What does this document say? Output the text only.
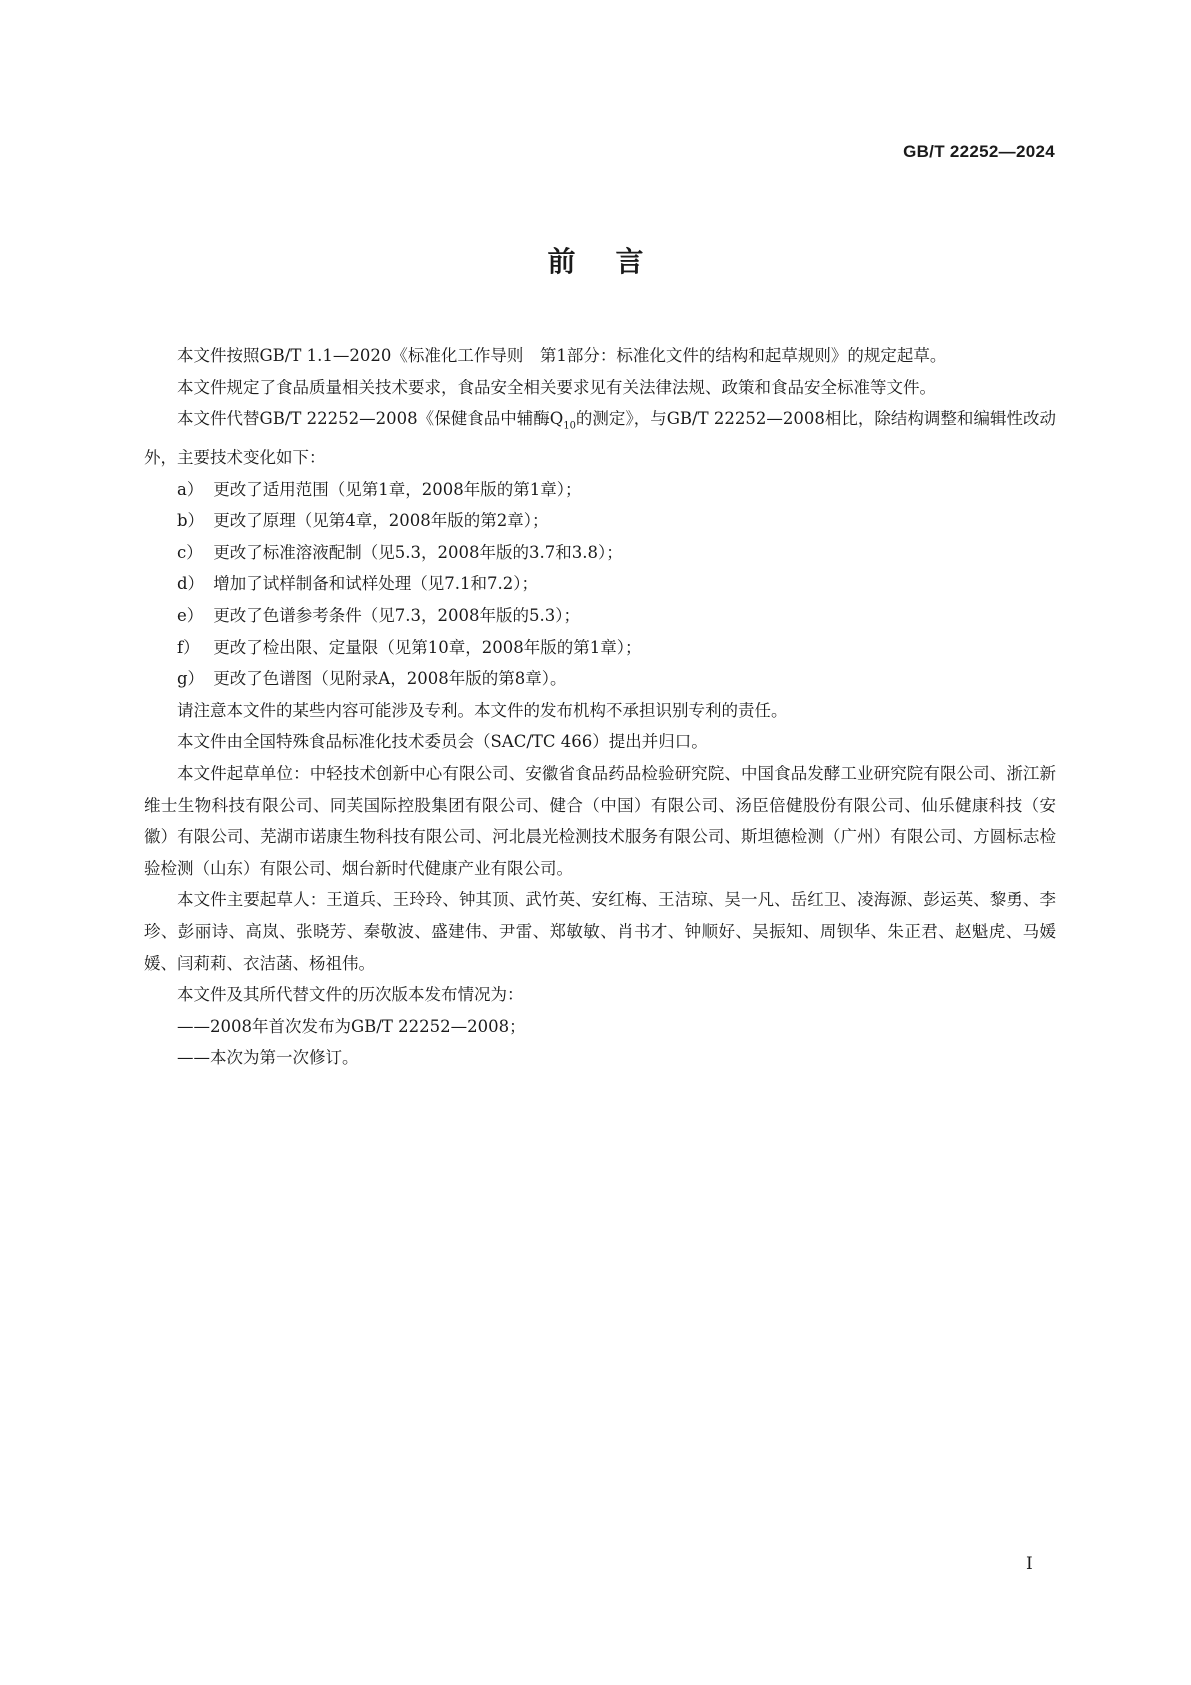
GB/T 22252—2024
前言

本文件按照GB/T 1.1—2020《标准化工作导则　第1部分：标准化文件的结构和起草规则》的规定起草。

本文件规定了食品质量相关技术要求，食品安全相关要求见有关法律法规、政策和食品安全标准等文件。

本文件代替GB/T 22252—2008《保健食品中辅酶$Q_{10}$的测定》，与GB/T 22252—2008相比，除结构调整和编辑性改动外，主要技术变化如下：

a） 更改了适用范围（见第1章，2008年版的第1章）；
b） 更改了原理（见第4章，2008年版的第2章）；
c） 更改了标准溶液配制（见5.3，2008年版的3.7和3.8）；
d） 增加了试样制备和试样处理（见7.1和7.2）；
e） 更改了色谱参考条件（见7.3，2008年版的5.3）；
f） 更改了检出限、定量限（见第10章，2008年版的第1章）；
g） 更改了色谱图（见附录A，2008年版的第8章）。

请注意本文件的某些内容可能涉及专利。本文件的发布机构不承担识别专利的责任。

本文件由全国特殊食品标准化技术委员会（SAC/TC 466）提出并归口。

本文件起草单位：中轻技术创新中心有限公司、安徽省食品药品检验研究院、中国食品发酵工业研究院有限公司、浙江新维士生物科技有限公司、同芙国际控股集团有限公司、健合（中国）有限公司、汤臣倍健股份有限公司、仙乐健康科技（安徽）有限公司、芜湖市诺康生物科技有限公司、河北晨光检测技术服务有限公司、斯坦德检测（广州）有限公司、方圆标志检验检测（山东）有限公司、烟台新时代健康产业有限公司。

本文件主要起草人：王道兵、王玲玲、钟其顶、武竹英、安红梅、王洁琼、吴一凡、岳红卫、凌海源、彭运英、黎勇、李珍、彭丽诗、高岚、张晓芳、秦敬波、盛建伟、尹雷、郑敏敏、肖书才、钟顺好、吴振知、周钡华、朱正君、赵魁虎、马媛媛、闫莉莉、衣洁菡、杨祖伟。

本文件及其所代替文件的历次版本发布情况为：

——2008年首次发布为GB/T 22252—2008；

——本次为第一次修订。

I
